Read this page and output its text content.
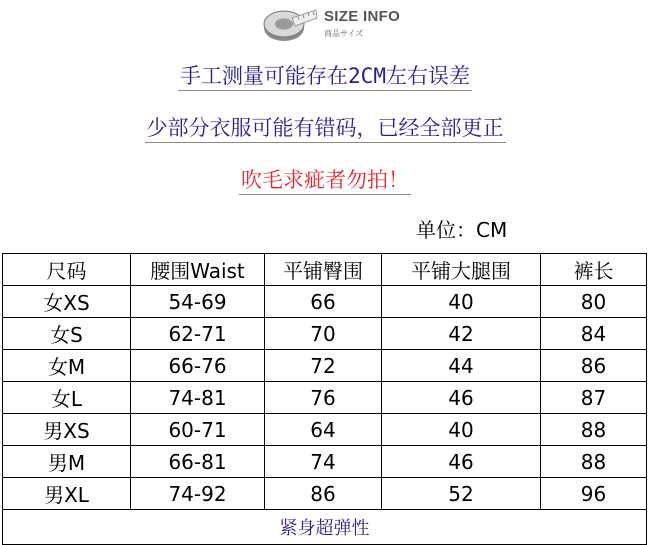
SIZE INFO
商品サイズ
手工测量可能存在2CM左右误差
少部分衣服可能有错码，已经全部更正
吹毛求疵者勿拍！
单位：CM
尺码	腰围Waist	平铺臀围	平铺大腿围	裤长
女XS	54-69	66	40	80
女S	62-71	70	42	84
女M	66-76	72	44	86
女L	74-81	76	46	87
男XS	60-71	64	40	88
男M	66-81	74	46	88
男XL	74-92	86	52	96
紧身超弹性				
